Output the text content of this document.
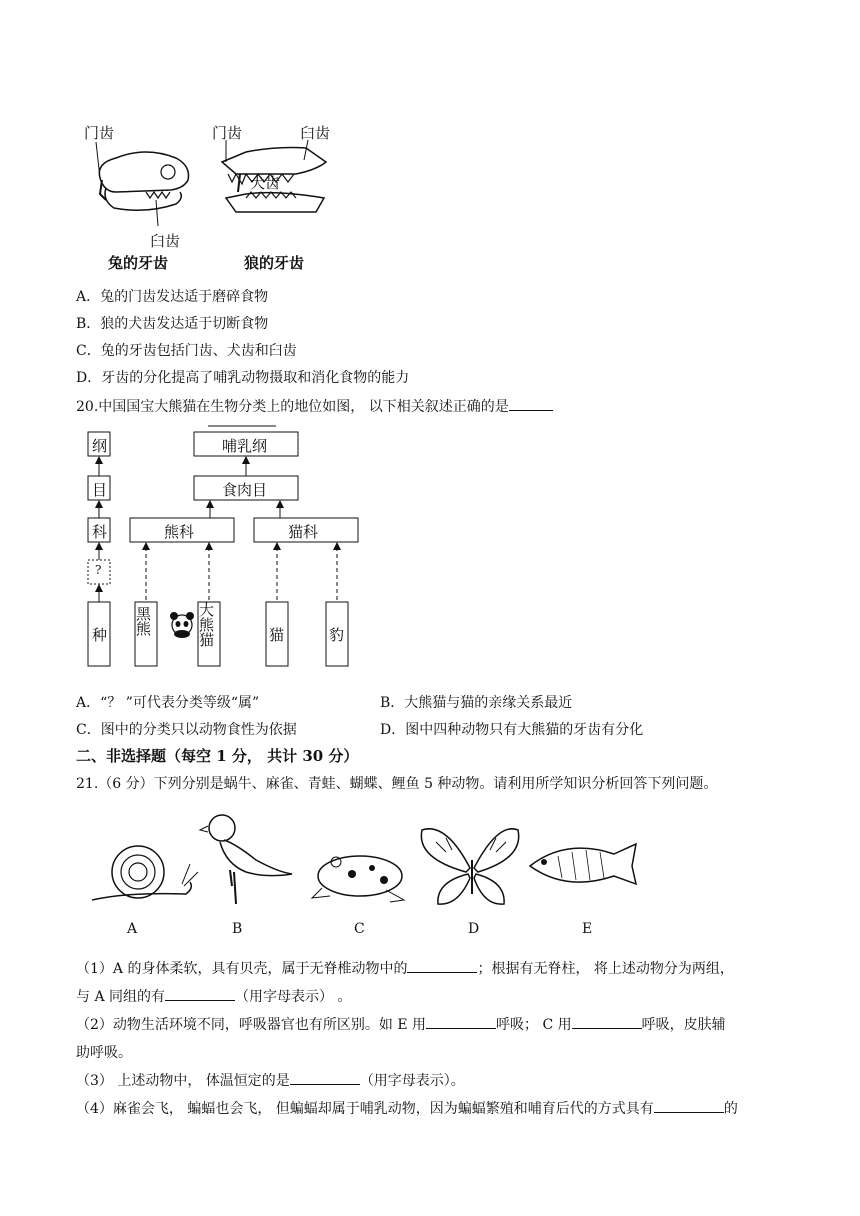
门齿
臼齿
兔的牙齿
门齿	臼齿
犬齿
狼的牙齿
A．兔的门齿发达适于磨碎食物
B．狼的犬齿发达适于切断食物
C．兔的牙齿包括门齿、犬齿和臼齿
D．牙齿的分化提高了哺乳动物摄取和消化食物的能力
20.中国国宝大熊猫在生物分类上的地位如图， 以下相关叙述正确的是
纲
目
科
?
种
哺乳纲
食肉目
熊科	猫科
黑熊	大熊猫	猫	豹
A．“？ ”可代表分类等级“属”	B．大熊猫与猫的亲缘关系最近
C．图中的分类只以动物食性为依据	D．图中四种动物只有大熊猫的牙齿有分化
二、非选择题（每空 1 分， 共计 30 分）
21.（6 分）下列分别是蜗牛、麻雀、青蛙、蝴蝶、鲤鱼 5 种动物。请利用所学知识分析回答下列问题。
A	B	C	D	E
（1）A 的身体柔软，具有贝壳，属于无脊椎动物中的	；根据有无脊柱， 将上述动物分为两组，
与 A 同组的有	（用字母表示） 。
（2）动物生活环境不同，呼吸器官也有所区别。如 E 用	呼吸； C 用	呼吸，皮肤辅
助呼吸。
（3） 上述动物中， 体温恒定的是	（用字母表示）。
（4）麻雀会飞， 蝙蝠也会飞， 但蝙蝠却属于哺乳动物，因为蝙蝠繁殖和哺育后代的方式具有	的
